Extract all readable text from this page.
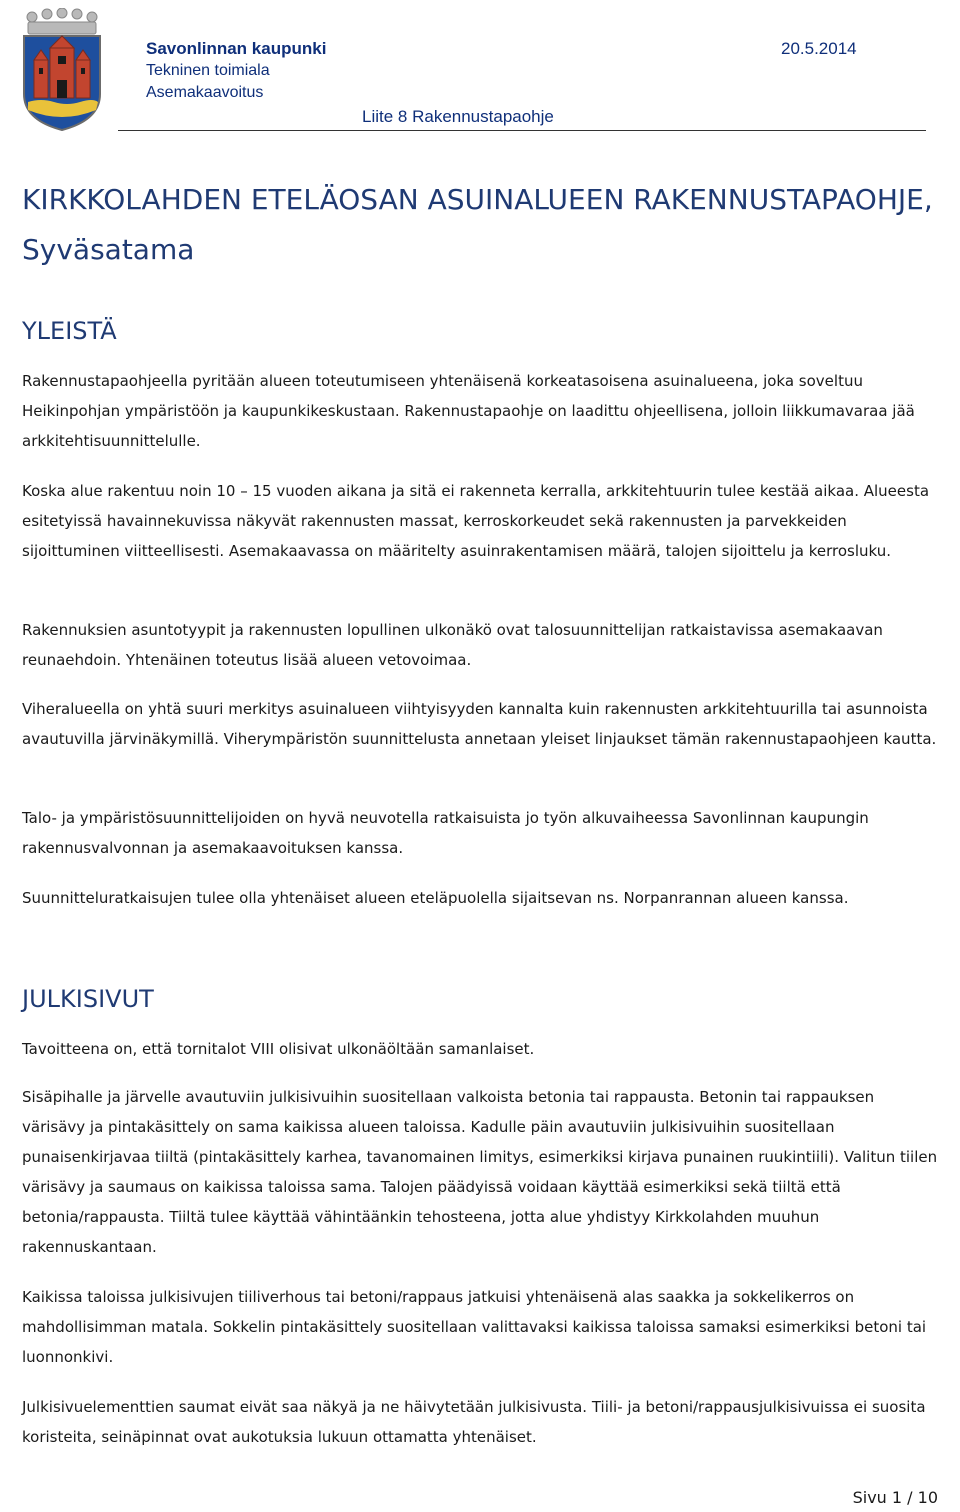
Savonlinnan kaupunki
Tekninen toimiala
Asemakaavoitus
20.5.2014
Liite 8 Rakennustapaohje
KIRKKOLAHDEN ETELÄOSAN ASUINALUEEN RAKENNUSTAPAOHJE,
Syväsatama
YLEISTÄ

Rakennustapaohjeella pyritään alueen toteutumiseen yhtenäisenä korkeatasoisena asuinalueena, joka soveltuu Heikinpohjan ympäristöön ja kaupunkikeskustaan. Rakennustapaohje on laadittu ohjeellisena, jolloin liikkumavaraa jää arkkitehtisuunnittelulle.

Koska alue rakentuu noin 10 – 15 vuoden aikana ja sitä ei rakenneta kerralla, arkkitehtuurin tulee kestää aikaa. Alueesta esitetyissä havainnekuvissa näkyvät rakennusten massat, kerroskorkeudet sekä rakennusten ja parvekkeiden sijoittuminen viitteellisesti. Asemakaavassa on määritelty asuinrakentamisen määrä, talojen sijoittelu ja kerrosluku.

Rakennuksien asuntotyypit ja rakennusten lopullinen ulkonäkö ovat talosuunnittelijan ratkaistavissa asemakaavan reunaehdoin. Yhtenäinen toteutus lisää alueen vetovoimaa.

Viheralueella on yhtä suuri merkitys asuinalueen viihtyisyyden kannalta kuin rakennusten arkkitehtuurilla tai asunnoista avautuvilla järvinäkymillä. Viherympäristön suunnittelusta annetaan yleiset linjaukset tämän rakennustapaohjeen kautta.

Talo- ja ympäristösuunnittelijoiden on hyvä neuvotella ratkaisuista jo työn alkuvaiheessa Savonlinnan kaupungin rakennusvalvonnan ja asemakaavoituksen kanssa.

Suunnitteluratkaisujen tulee olla yhtenäiset alueen eteläpuolella sijaitsevan ns. Norpanrannan alueen kanssa.

JULKISIVUT

Tavoitteena on, että tornitalot VIII olisivat ulkonäöltään samanlaiset.

Sisäpihalle ja järvelle avautuviin julkisivuihin suositellaan valkoista betonia tai rappausta. Betonin tai rappauksen värisävy ja pintakäsittely on sama kaikissa alueen taloissa. Kadulle päin avautuviin julkisivuihin suositellaan punaisenkirjavaa tiiltä (pintakäsittely karhea, tavanomainen limitys, esimerkiksi kirjava punainen ruukintiili). Valitun tiilen värisävy ja saumaus on kaikissa taloissa sama. Talojen päädyissä voidaan käyttää esimerkiksi sekä tiiltä että betonia/rappausta. Tiiltä tulee käyttää vähintäänkin tehosteena, jotta alue yhdistyy Kirkkolahden muuhun rakennuskantaan.

Kaikissa taloissa julkisivujen tiiliverhous tai betoni/rappaus jatkuisi yhtenäisenä alas saakka ja sokkelikerros on mahdollisimman matala. Sokkelin pintakäsittely suositellaan valittavaksi kaikissa taloissa samaksi esimerkiksi betoni tai luonnonkivi.

Julkisivuelementtien saumat eivät saa näkyä ja ne häivytetään julkisivusta. Tiili- ja betoni/rappausjulkisivuissa ei suosita koristeita, seinäpinnat ovat aukotuksia lukuun ottamatta yhtenäiset.

Sivu 1 / 10
